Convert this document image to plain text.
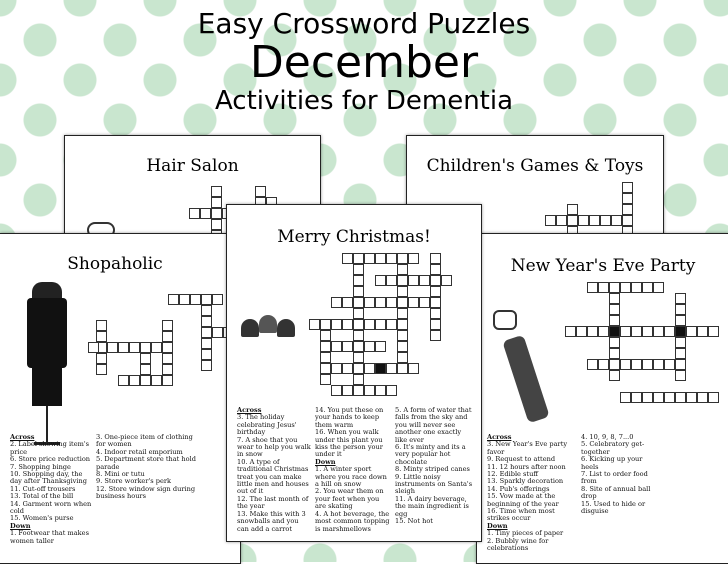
Easy Crossword Puzzles
December
Activities for Dementia
Hair Salon	Children's Games & Toys
Shopaholic
Across
2. Label showing item's price
6. Store price reduction
7. Shopping binge
10. Shopping day, the day after Thanksgiving
11. Cut-off trousers
13. Total of the bill
14. Garment worn when cold
15. Women's purse
Down
1. Footwear that makes women taller
3. One-piece item of clothing for women
4. Indoor retail emporium
5. Department store that hold parade
8. Mini or tutu
9. Store worker's perk
12. Store window sign during business hours
New Year's Eve Party
Across
3. New Year's Eve party favor
9. Request to attend
11. 12 hours after noon
12. Edible stuff
13. Sparkly decoration
14. Pub's offerings
15. Vow made at the beginning of the year
16. Time when most strikes occur
Down
1. Tiny pieces of paper
2. Bubbly wine for celebrations
4. 10, 9, 8, 7...0
5. Celebratory get-together
6. Kicking up your heels
7. List to order food from
8. Site of annual ball drop
15. Used to hide or disguise
Merry Christmas!
Across
3. The holiday celebrating Jesus' birthday
7. A shoe that you wear to help you walk in snow
10. A type of traditional Christmas treat you can make little men and houses out of it
12. The last month of the year
13. Make this with 3 snowballs and you can add a carrot
14. You put these on your hands to keep them warm
16. When you walk under this plant you kiss the person your under it
Down
1. A winter sport where you race down a hill on snow
2. You wear them on your feet when you are skating
4. A hot beverage, the most common topping is marshmellows
5. A form of water that falls from the sky and you will never see another one exactly like ever
6. It's minty and its a very popular hot chocolate
8. Minty striped canes
9. Little noisy instruments on Santa's sleigh
11. A dairy beverage, the main ingredient is egg
15. Not hot
